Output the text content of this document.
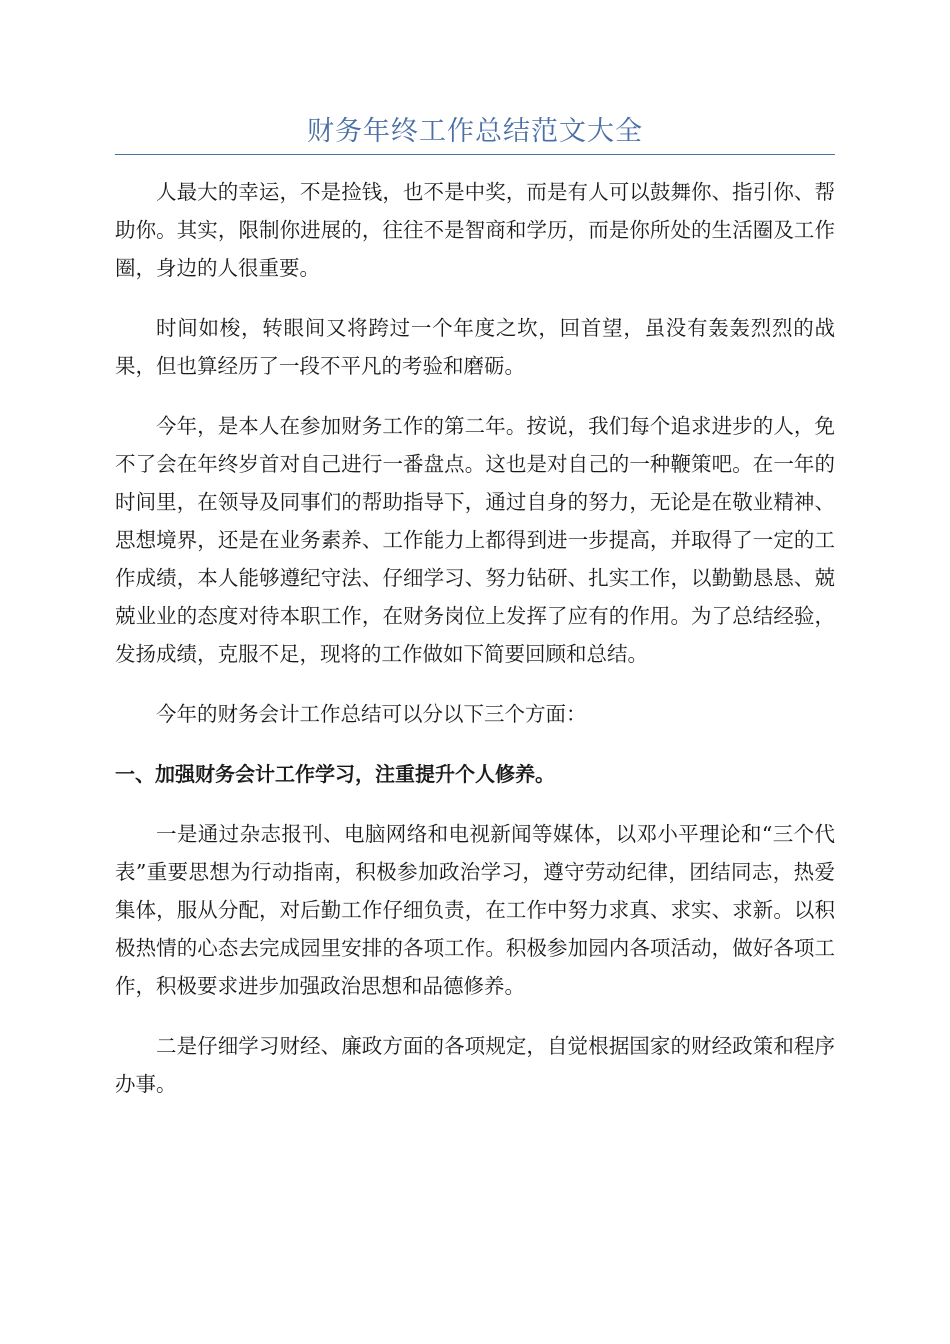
财务年终工作总结范文大全

人最大的幸运，不是捡钱，也不是中奖，而是有人可以鼓舞你、指引你、帮助你。其实，限制你进展的，往往不是智商和学历，而是你所处的生活圈及工作圈，身边的人很重要。

时间如梭，转眼间又将跨过一个年度之坎，回首望，虽没有轰轰烈烈的战果，但也算经历了一段不平凡的考验和磨砺。

今年，是本人在参加财务工作的第二年。按说，我们每个追求进步的人，免不了会在年终岁首对自己进行一番盘点。这也是对自己的一种鞭策吧。在一年的时间里，在领导及同事们的帮助指导下，通过自身的努力，无论是在敬业精神、思想境界，还是在业务素养、工作能力上都得到进一步提高，并取得了一定的工作成绩，本人能够遵纪守法、仔细学习、努力钻研、扎实工作，以勤勤恳恳、兢兢业业的态度对待本职工作，在财务岗位上发挥了应有的作用。为了总结经验，发扬成绩，克服不足，现将的工作做如下简要回顾和总结。

今年的财务会计工作总结可以分以下三个方面：

一、加强财务会计工作学习，注重提升个人修养。

一是通过杂志报刊、电脑网络和电视新闻等媒体，以邓小平理论和“三个代表”重要思想为行动指南，积极参加政治学习，遵守劳动纪律，团结同志，热爱集体，服从分配，对后勤工作仔细负责，在工作中努力求真、求实、求新。以积极热情的心态去完成园里安排的各项工作。积极参加园内各项活动，做好各项工作，积极要求进步加强政治思想和品德修养。

二是仔细学习财经、廉政方面的各项规定，自觉根据国家的财经政策和程序办事。
